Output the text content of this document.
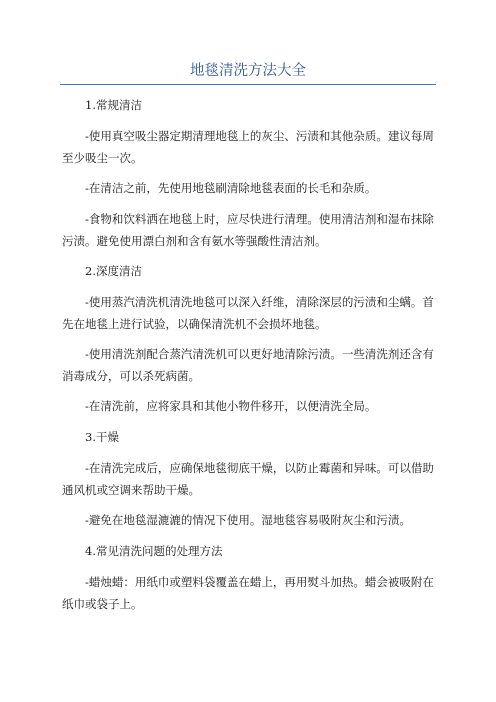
地毯清洗方法大全

1.常规清洁

-使用真空吸尘器定期清理地毯上的灰尘、污渍和其他杂质。建议每周至少吸尘一次。

-在清洁之前，先使用地毯刷清除地毯表面的长毛和杂质。

-食物和饮料洒在地毯上时，应尽快进行清理。使用清洁剂和湿布抹除污渍。避免使用漂白剂和含有氨水等强酸性清洁剂。

2.深度清洁

-使用蒸汽清洗机清洗地毯可以深入纤维，清除深层的污渍和尘螨。首先在地毯上进行试验，以确保清洗机不会损坏地毯。

-使用清洗剂配合蒸汽清洗机可以更好地清除污渍。一些清洗剂还含有消毒成分，可以杀死病菌。

-在清洗前，应将家具和其他小物件移开，以便清洗全局。

3.干燥

-在清洗完成后，应确保地毯彻底干燥，以防止霉菌和异味。可以借助通风机或空调来帮助干燥。

-避免在地毯湿漉漉的情况下使用。湿地毯容易吸附灰尘和污渍。

4.常见清洗问题的处理方法

-蜡烛蜡：用纸巾或塑料袋覆盖在蜡上，再用熨斗加热。蜡会被吸附在纸巾或袋子上。
